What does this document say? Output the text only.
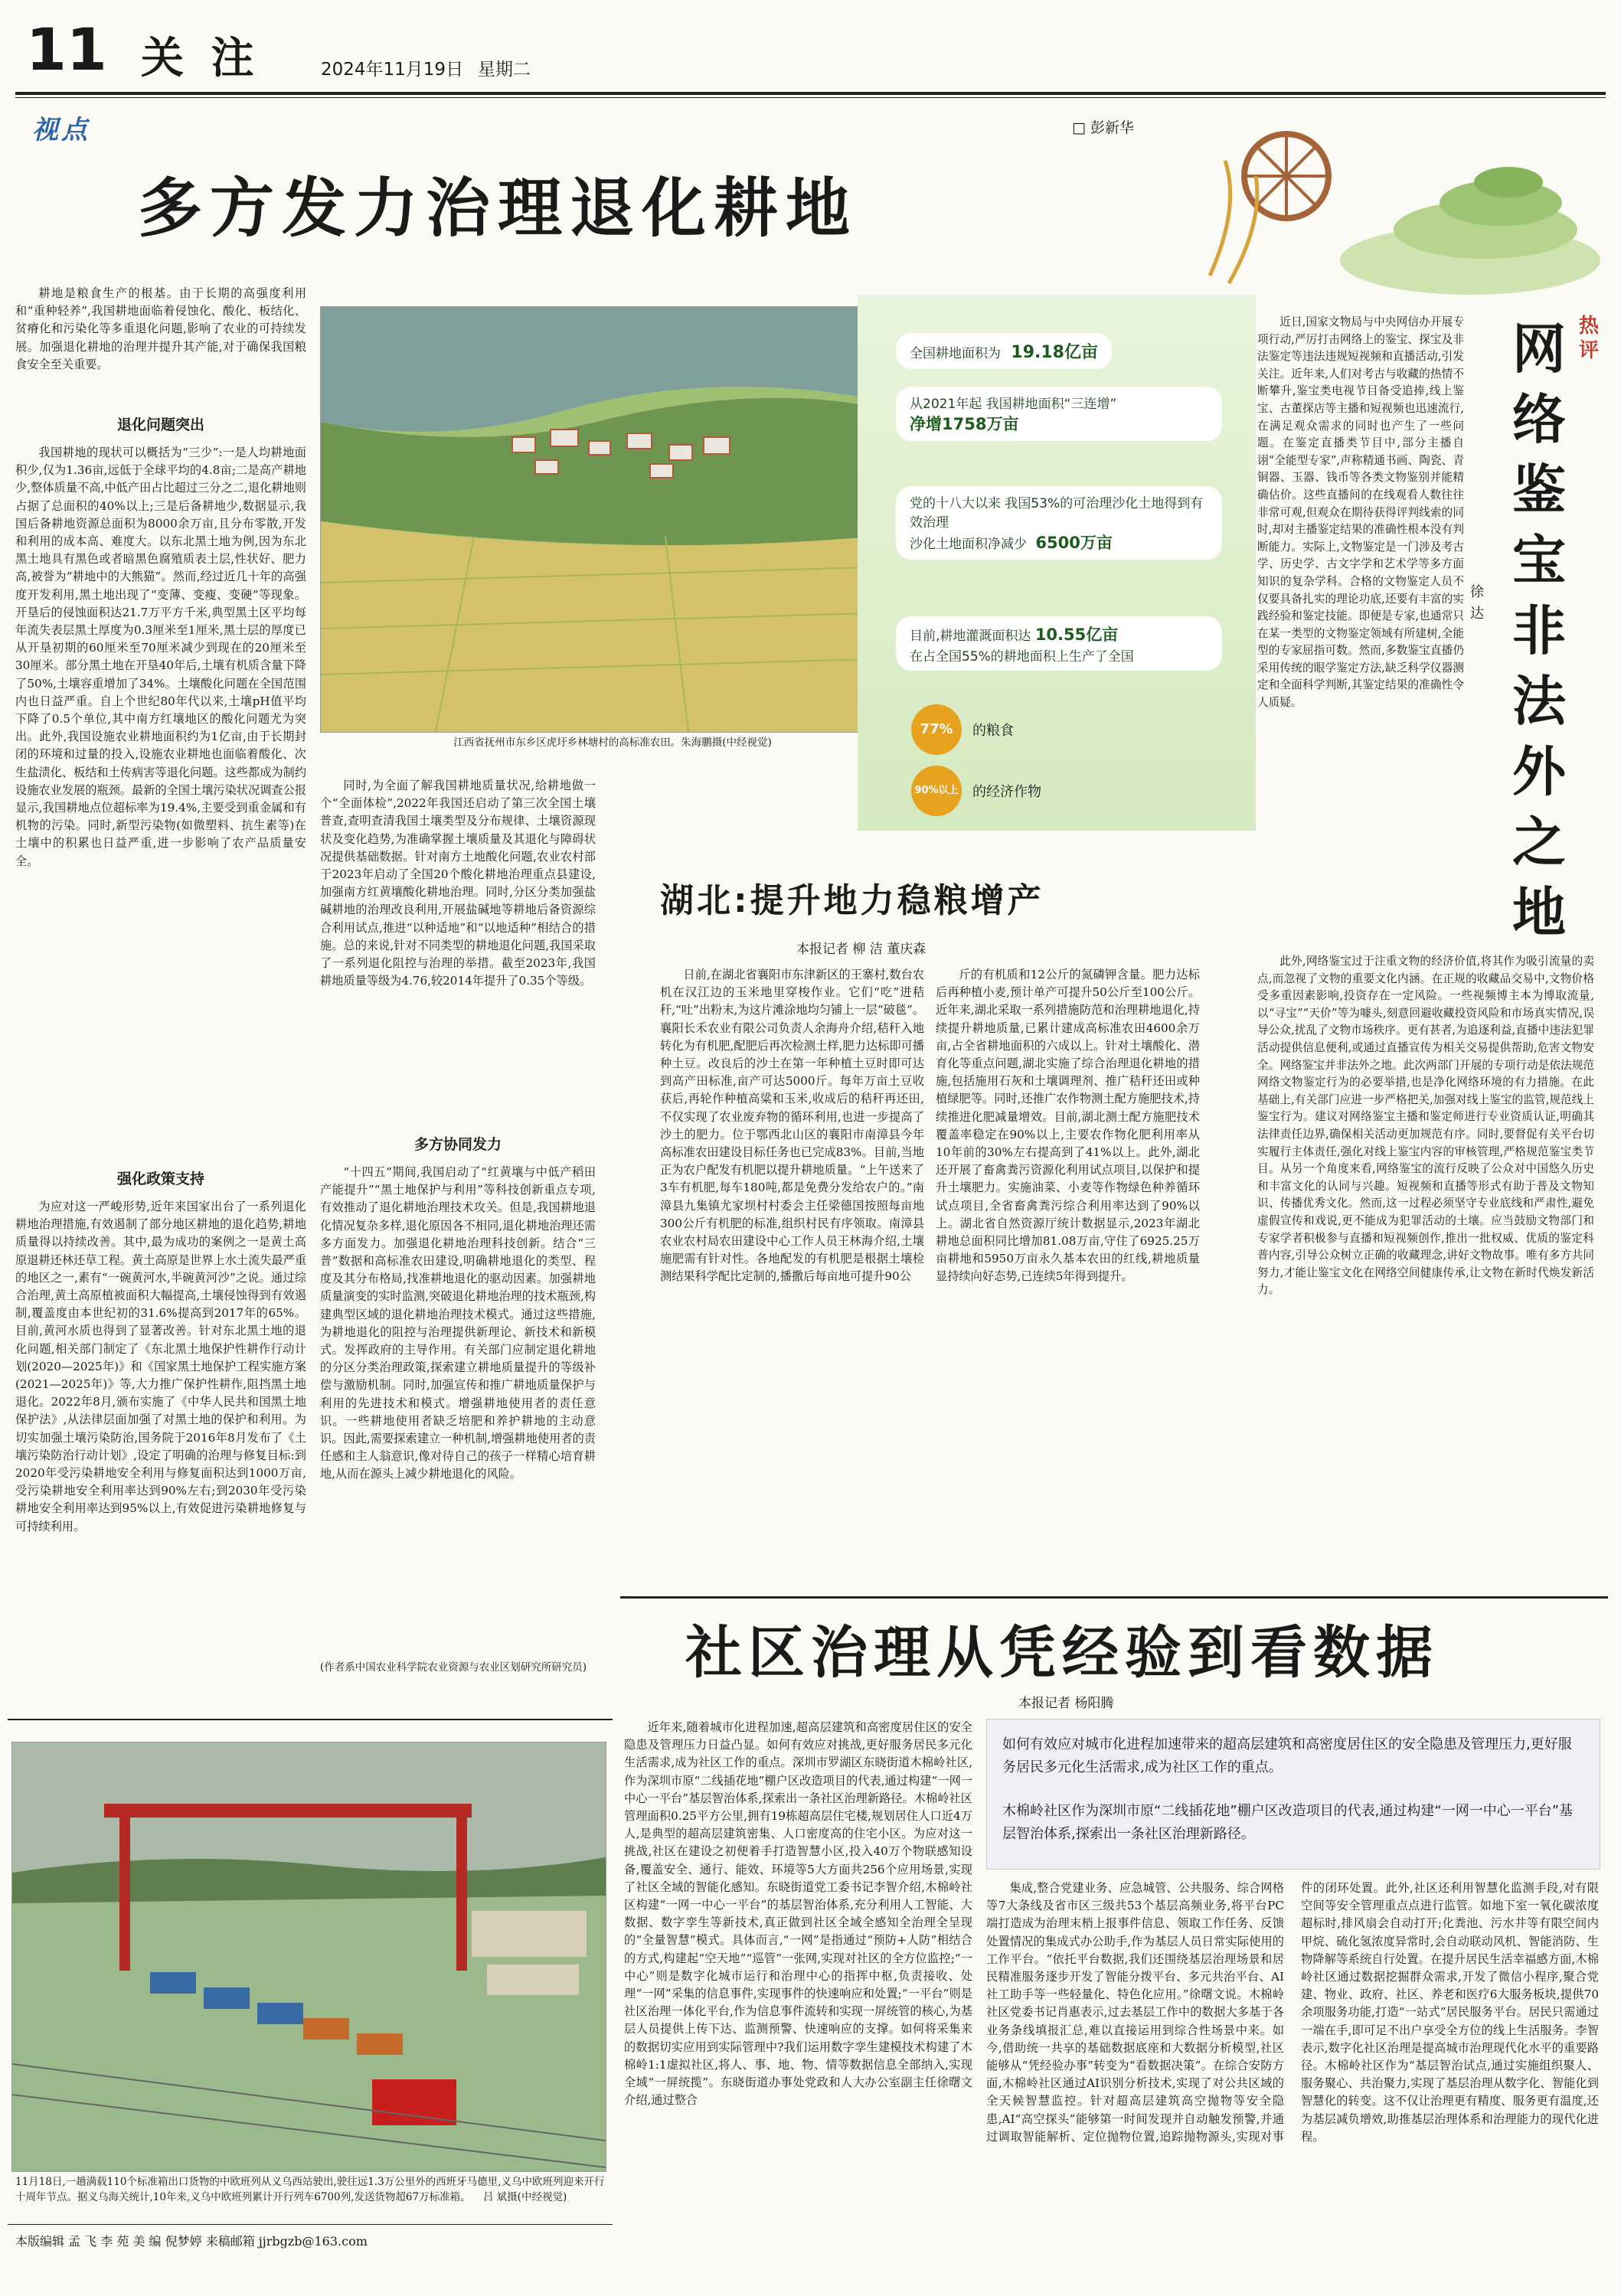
11 关 注	2024年11月19日 星期二
视点	□ 彭新华
多方发力治理退化耕地

耕地是粮食生产的根基。由于长期的高强度利用和“重种轻养”,我国耕地面临着侵蚀化、酸化、板结化、贫瘠化和污染化等多重退化问题,影响了农业的可持续发展。加强退化耕地的治理并提升其产能,对于确保我国粮食安全至关重要。

退化问题突出

我国耕地的现状可以概括为“三少”:一是人均耕地面积少,仅为1.36亩,远低于全球平均的4.8亩;二是高产耕地少,整体质量不高,中低产田占比超过三分之二,退化耕地则占据了总面积的40%以上;三是后备耕地少,数据显示,我国后备耕地资源总面积为8000余万亩,且分布零散,开发和利用的成本高、难度大。以东北黑土地为例,因为东北黑土地具有黑色或者暗黑色腐殖质表土层,性状好、肥力高,被誉为“耕地中的大熊猫”。然而,经过近几十年的高强度开发利用,黑土地出现了“变薄、变瘦、变硬”等现象。开垦后的侵蚀面积达21.7万平方千米,典型黑土区平均每年流失表层黑土厚度为0.3厘米至1厘米,黑土层的厚度已从开垦初期的60厘米至70厘米减少到现在的20厘米至30厘米。部分黑土地在开垦40年后,土壤有机质含量下降了50%,土壤容重增加了34%。土壤酸化问题在全国范围内也日益严重。自上个世纪80年代以来,土壤pH值平均下降了0.5个单位,其中南方红壤地区的酸化问题尤为突出。此外,我国设施农业耕地面积约为1亿亩,由于长期封闭的环境和过量的投入,设施农业耕地也面临着酸化、次生盐渍化、板结和土传病害等退化问题。这些都成为制约设施农业发展的瓶颈。最新的全国土壤污染状况调查公报显示,我国耕地点位超标率为19.4%,主要受到重金属和有机物的污染。同时,新型污染物(如微塑料、抗生素等)在土壤中的积累也日益严重,进一步影响了农产品质量安全。

强化政策支持

为应对这一严峻形势,近年来国家出台了一系列退化耕地治理措施,有效遏制了部分地区耕地的退化趋势,耕地质量得以持续改善。其中,最为成功的案例之一是黄土高原退耕还林还草工程。黄土高原是世界上水土流失最严重的地区之一,素有“一碗黄河水,半碗黄河沙”之说。通过综合治理,黄土高原植被面积大幅提高,土壤侵蚀得到有效遏制,覆盖度由本世纪初的31.6%提高到2017年的65%。目前,黄河水质也得到了显著改善。针对东北黑土地的退化问题,相关部门制定了《东北黑土地保护性耕作行动计划(2020—2025年)》和《国家黑土地保护工程实施方案(2021—2025年)》等,大力推广保护性耕作,阻挡黑土地退化。2022年8月,颁布实施了《中华人民共和国黑土地保护法》,从法律层面加强了对黑土地的保护和利用。为切实加强土壤污染防治,国务院于2016年8月发布了《土壤污染防治行动计划》,设定了明确的治理与修复目标:到2020年受污染耕地安全利用与修复面积达到1000万亩,受污染耕地安全利用率达到90%左右;到2030年受污染耕地安全利用率达到95%以上,有效促进污染耕地修复与可持续利用。

江西省抚州市东乡区虎圩乡林塘村的高标准农田。朱海鹏摄(中经视觉)

同时,为全面了解我国耕地质量状况,给耕地做一个“全面体检”,2022年我国还启动了第三次全国土壤普查,查明查清我国土壤类型及分布规律、土壤资源现状及变化趋势,为准确掌握土壤质量及其退化与障碍状况提供基础数据。针对南方土地酸化问题,农业农村部于2023年启动了全国20个酸化耕地治理重点县建设,加强南方红黄壤酸化耕地治理。同时,分区分类加强盐碱耕地的治理改良利用,开展盐碱地等耕地后备资源综合利用试点,推进“以种适地”和“以地适种”相结合的措施。总的来说,针对不同类型的耕地退化问题,我国采取了一系列退化阻控与治理的举措。截至2023年,我国耕地质量等级为4.76,较2014年提升了0.35个等级。

多方协同发力

“十四五”期间,我国启动了“红黄壤与中低产稻田产能提升”“黑土地保护与利用”等科技创新重点专项,有效推动了退化耕地治理技术攻关。但是,我国耕地退化情况复杂多样,退化原因各不相同,退化耕地治理还需多方面发力。加强退化耕地治理科技创新。结合“三普”数据和高标准农田建设,明确耕地退化的类型、程度及其分布格局,找准耕地退化的驱动因素。加强耕地质量演变的实时监测,突破退化耕地治理的技术瓶颈,构建典型区域的退化耕地治理技术模式。通过这些措施,为耕地退化的阻控与治理提供新理论、新技术和新模式。发挥政府的主导作用。有关部门应制定退化耕地的分区分类治理政策,探索建立耕地质量提升的等级补偿与激励机制。同时,加强宣传和推广耕地质量保护与利用的先进技术和模式。增强耕地使用者的责任意识。一些耕地使用者缺乏培肥和养护耕地的主动意识。因此,需要探索建立一种机制,增强耕地使用者的责任感和主人翁意识,像对待自己的孩子一样精心培育耕地,从而在源头上减少耕地退化的风险。

(作者系中国农业科学院农业资源与农业区划研究所研究员)
全国耕地面积为 19.18亿亩
从2021年起 我国耕地面积“三连增”
净增1758万亩
党的十八大以来 我国53%的可治理沙化土地得到有效治理
沙化土地面积净减少 6500万亩
目前,耕地灌溉面积达 10.55亿亩
在占全国55%的耕地面积上生产了全国
77%	的粮食
90%以上 的经济作物
湖北:提升地力稳粮增产
本报记者 柳 洁 董庆森

日前,在湖北省襄阳市东津新区的王寨村,数台农机在汉江边的玉米地里穿梭作业。它们“吃”进秸秆,“吐”出粉末,为这片滩涂地均匀铺上一层“破毯”。襄阳长禾农业有限公司负责人余海舟介绍,秸秆入地转化为有机肥,配肥后再次检测土样,肥力达标即可播种土豆。改良后的沙土在第一年种植土豆时即可达到高产田标准,亩产可达5000斤。每年万亩土豆收获后,再轮作种植高粱和玉米,收成后的秸秆再还田,不仅实现了农业废弃物的循环利用,也进一步提高了沙土的肥力。位于鄂西北山区的襄阳市南漳县今年高标准农田建设目标任务也已完成83%。目前,当地正为农户配发有机肥以提升耕地质量。“上午送来了3车有机肥,每车180吨,都是免费分发给农户的。”南漳县九集镇尤家坝村村委会主任梁德国按照每亩地300公斤有机肥的标准,组织村民有序领取。南漳县农业农村局农田建设中心工作人员王林海介绍,土壤施肥需有针对性。各地配发的有机肥是根据土壤检测结果科学配比定制的,播撒后每亩地可提升90公

斤的有机质和12公斤的氮磷钾含量。肥力达标后再种植小麦,预计单产可提升50公斤至100公斤。近年来,湖北采取一系列措施防范和治理耕地退化,持续提升耕地质量,已累计建成高标准农田4600余万亩,占全省耕地面积的六成以上。针对土壤酸化、潜育化等重点问题,湖北实施了综合治理退化耕地的措施,包括施用石灰和土壤调理剂、推广秸秆还田或种植绿肥等。同时,还推广农作物测土配方施肥技术,持续推进化肥减量增效。目前,湖北测土配方施肥技术覆盖率稳定在90%以上,主要农作物化肥利用率从10年前的30%左右提高到了41%以上。此外,湖北还开展了畜禽粪污资源化利用试点项目,以保护和提升土壤肥力。实施油菜、小麦等作物绿色种养循环试点项目,全省畜禽粪污综合利用率达到了90%以上。湖北省自然资源厅统计数据显示,2023年湖北耕地总面积同比增加81.08万亩,守住了6925.25万亩耕地和5950万亩永久基本农田的红线,耕地质量显持续向好态势,已连续5年得到提升。

热评
网络鉴宝非法外之地
徐达

近日,国家文物局与中央网信办开展专项行动,严厉打击网络上的鉴宝、探宝及非法鉴定等违法违规短视频和直播活动,引发关注。近年来,人们对考古与收藏的热情不断攀升,鉴宝类电视节目备受追捧,线上鉴宝、古董探店等主播和短视频也迅速流行,在满足观众需求的同时也产生了一些问题。在鉴定直播类节目中,部分主播自诩“全能型专家”,声称精通书画、陶瓷、青铜器、玉器、钱币等各类文物鉴别并能精确估价。这些直播间的在线观看人数往往非常可观,但观众在期待获得评判线索的同时,却对主播鉴定结果的准确性根本没有判断能力。实际上,文物鉴定是一门涉及考古学、历史学、古文字学和艺术学等多方面知识的复杂学科。合格的文物鉴定人员不仅要具备扎实的理论功底,还要有丰富的实践经验和鉴定技能。即便是专家,也通常只在某一类型的文物鉴定领域有所建树,全能型的专家屈指可数。然而,多数鉴宝直播仍采用传统的眼学鉴定方法,缺乏科学仪器测定和全面科学判断,其鉴定结果的准确性令人质疑。

此外,网络鉴宝过于注重文物的经济价值,将其作为吸引流量的卖点,而忽视了文物的重要文化内涵。在正规的收藏品交易中,文物价格受多重因素影响,投资存在一定风险。一些视频博主本为博取流量,以“寻宝”“天价”等为噱头,刻意回避收藏投资风险和市场真实情况,误导公众,扰乱了文物市场秩序。更有甚者,为追逐利益,直播中违法犯罪活动提供信息便利,或通过直播宣传为相关交易提供帮助,危害文物安全。网络鉴宝并非法外之地。此次两部门开展的专项行动是依法规范网络文物鉴定行为的必要举措,也是净化网络环境的有力措施。在此基础上,有关部门应进一步严格把关,加强对线上鉴宝的监管,规范线上鉴宝行为。建议对网络鉴宝主播和鉴定师进行专业资质认证,明确其法律责任边界,确保相关活动更加规范有序。同时,要督促有关平台切实履行主体责任,强化对线上鉴宝内容的审核管理,严格规范鉴宝类节目。从另一个角度来看,网络鉴宝的流行反映了公众对中国悠久历史和丰富文化的认同与兴趣。短视频和直播等形式有助于普及文物知识、传播优秀文化。然而,这一过程必须坚守专业底线和严肃性,避免虚假宣传和戏说,更不能成为犯罪活动的土壤。应当鼓励文物部门和专家学者积极参与直播和短视频创作,推出一批权威、优质的鉴定科普内容,引导公众树立正确的收藏理念,讲好文物故事。唯有多方共同努力,才能让鉴宝文化在网络空间健康传承,让文物在新时代焕发新活力。

11月18日,一趟满载110个标准箱出口货物的中欧班列从义乌西站驶出,驶往远1.3万公里外的西班牙马德里,义乌中欧班列迎来开行十周年节点。据义乌海关统计,10年来,义乌中欧班列累计开行列车6700列,发送货物超67万标准箱。 吕 斌摄(中经视觉)
社区治理从凭经验到看数据
本报记者 杨阳腾
如何有效应对城市化进程加速带来的超高层建筑和高密度居住区的安全隐患及管理压力,更好服务居民多元化生活需求,成为社区工作的重点。
木棉岭社区作为深圳市原“二线插花地”棚户区改造项目的代表,通过构建“一网一中心一平台”基层智治体系,探索出一条社区治理新路径。

近年来,随着城市化进程加速,超高层建筑和高密度居住区的安全隐患及管理压力日益凸显。如何有效应对挑战,更好服务居民多元化生活需求,成为社区工作的重点。深圳市罗湖区东晓街道木棉岭社区,作为深圳市原“二线插花地”棚户区改造项目的代表,通过构建“一网一中心一平台”基层智治体系,探索出一条社区治理新路径。木棉岭社区管理面积0.25平方公里,拥有19栋超高层住宅楼,规划居住人口近4万人,是典型的超高层建筑密集、人口密度高的住宅小区。为应对这一挑战,社区在建设之初便着手打造智慧小区,投入40万个物联感知设备,覆盖安全、通行、能效、环境等5大方面共256个应用场景,实现了社区全域的智能化感知。东晓街道党工委书记李智介绍,木棉岭社区构建“一网一中心一平台”的基层智治体系,充分利用人工智能、大数据、数字孪生等新技术,真正做到社区全域全感知全治理全呈现的“全量智慧”模式。具体而言,“一网”是指通过“预防+人防”相结合的方式,构建起“空天地”“巡管”一张网,实现对社区的全方位监控;“一中心”则是数字化城市运行和治理中心的指挥中枢,负责接收、处理“一网”采集的信息事件,实现事件的快速响应和处置;“一平台”则是社区治理一体化平台,作为信息事件流转和实现一屏统管的核心,为基层人员提供上传下达、监测预警、快速响应的支撑。如何将采集来的数据切实应用到实际管理中?我们运用数字孪生建模技术构建了木棉岭1:1虚拟社区,将人、事、地、物、情等数据信息全部纳入,实现全域“一屏统揽”。东晓街道办事处党政和人大办公室副主任徐曙文介绍,通过整合

集成,整合党建业务、应急城管、公共服务、综合网格等7大条线及省市区三级共53个基层高频业务,将平台PC端打造成为治理末梢上报事件信息、领取工作任务、反馈处置情况的集成式办公助手,作为基层人员日常实际使用的工作平台。“依托平台数据,我们还围绕基层治理场景和居民精准服务逐步开发了智能分拨平台、多元共治平台、AI社工助手等一些轻量化、特色化应用。”徐曙文说。木棉岭社区党委书记肖惠表示,过去基层工作中的数据大多基于各业务条线填报汇总,难以直接运用到综合性场景中来。如今,借助统一共享的基础数据底座和大数据分析模型,社区能够从“凭经验办事”转变为“看数据决策”。在综合安防方面,木棉岭社区通过AI识别分析技术,实现了对公共区域的全天候智慧监控。针对超高层建筑高空抛物等安全隐患,AI“高空探头”能够第一时间发现并自动触发预警,并通过调取智能解析、定位抛物位置,追踪抛物源头,实现对事件的闭环处置。此外,社区还利用智慧化监测手段,对有限空间等安全管理重点点进行监管。如地下室一氧化碳浓度超标时,排风扇会自动打开;化粪池、污水井等有限空间内甲烷、硫化氢浓度异常时,会自动联动风机、智能消防、生物降解等系统自行处置。在提升居民生活幸福感方面,木棉岭社区通过数据挖掘群众需求,开发了微信小程序,聚合党建、物业、政府、社区、养老和医疗6大服务板块,提供70余项服务功能,打造“一站式”居民服务平台。居民只需通过一端在手,即可足不出户享受全方位的线上生活服务。李智表示,数字化社区治理是提高城市治理现代化水平的重要路径。木棉岭社区作为“基层智治试点,通过实施组织聚人、服务聚心、共治聚力,实现了基层治理从数字化、智能化到智慧化的转变。这不仅让治理更有精度、服务更有温度,还为基层减负增效,助推基层治理体系和治理能力的现代化进程。

本版编辑 孟 飞 李 苑 美 编 倪梦婷 来稿邮箱 jjrbgzb@163.com
